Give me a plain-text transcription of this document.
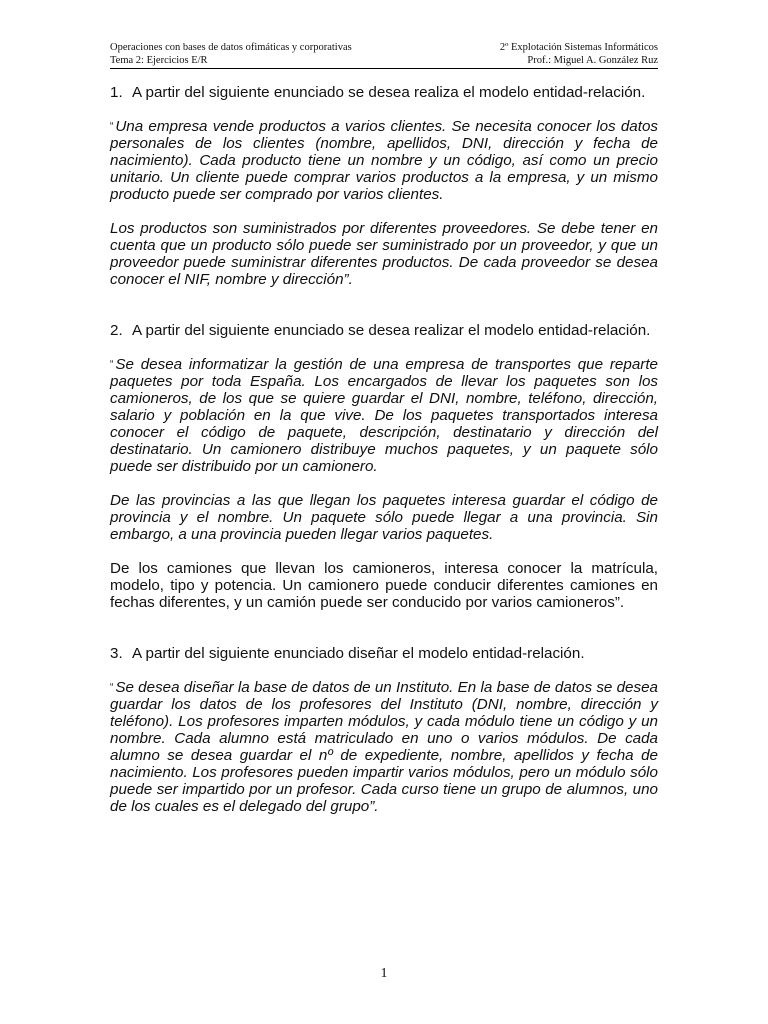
Operaciones con bases de datos ofimáticas y corporativas	2º Explotación Sistemas Informáticos
Tema 2: Ejercicios E/R	Prof.: Miguel A. González Ruz
1. A partir del siguiente enunciado se desea realiza el modelo entidad-relación.

“ Una empresa vende productos a varios clientes. Se necesita conocer los datos personales de los clientes (nombre, apellidos, DNI, dirección y fecha de nacimiento). Cada producto tiene un nombre y un código, así como un precio unitario. Un cliente puede comprar varios productos a la empresa, y un mismo producto puede ser comprado por varios clientes.

Los productos son suministrados por diferentes proveedores. Se debe tener en cuenta que un producto sólo puede ser suministrado por un proveedor, y que un proveedor puede suministrar diferentes productos. De cada proveedor se desea conocer el NIF, nombre y dirección”.

2. A partir del siguiente enunciado se desea realizar el modelo entidad-relación.

“ Se desea informatizar la gestión de una empresa de transportes que reparte paquetes por toda España. Los encargados de llevar los paquetes son los camioneros, de los que se quiere guardar el DNI, nombre, teléfono, dirección, salario y población en la que vive. De los paquetes transportados interesa conocer el código de paquete, descripción, destinatario y dirección del destinatario. Un camionero distribuye muchos paquetes, y un paquete sólo puede ser distribuido por un camionero.

De las provincias a las que llegan los paquetes interesa guardar el código de provincia y el nombre. Un paquete sólo puede llegar a una provincia. Sin embargo, a una provincia pueden llegar varios paquetes.

De los camiones que llevan los camioneros, interesa conocer la matrícula, modelo, tipo y potencia. Un camionero puede conducir diferentes camiones en fechas diferentes, y un camión puede ser conducido por varios camioneros”.

3. A partir del siguiente enunciado diseñar el modelo entidad-relación.

“ Se desea diseñar la base de datos de un Instituto. En la base de datos se desea guardar los datos de los profesores del Instituto (DNI, nombre, dirección y teléfono). Los profesores imparten módulos, y cada módulo tiene un código y un nombre. Cada alumno está matriculado en uno o varios módulos. De cada alumno se desea guardar el nº de expediente, nombre, apellidos y fecha de nacimiento. Los profesores pueden impartir varios módulos, pero un módulo sólo puede ser impartido por un profesor. Cada curso tiene un grupo de alumnos, uno de los cuales es el delegado del grupo”.

1
